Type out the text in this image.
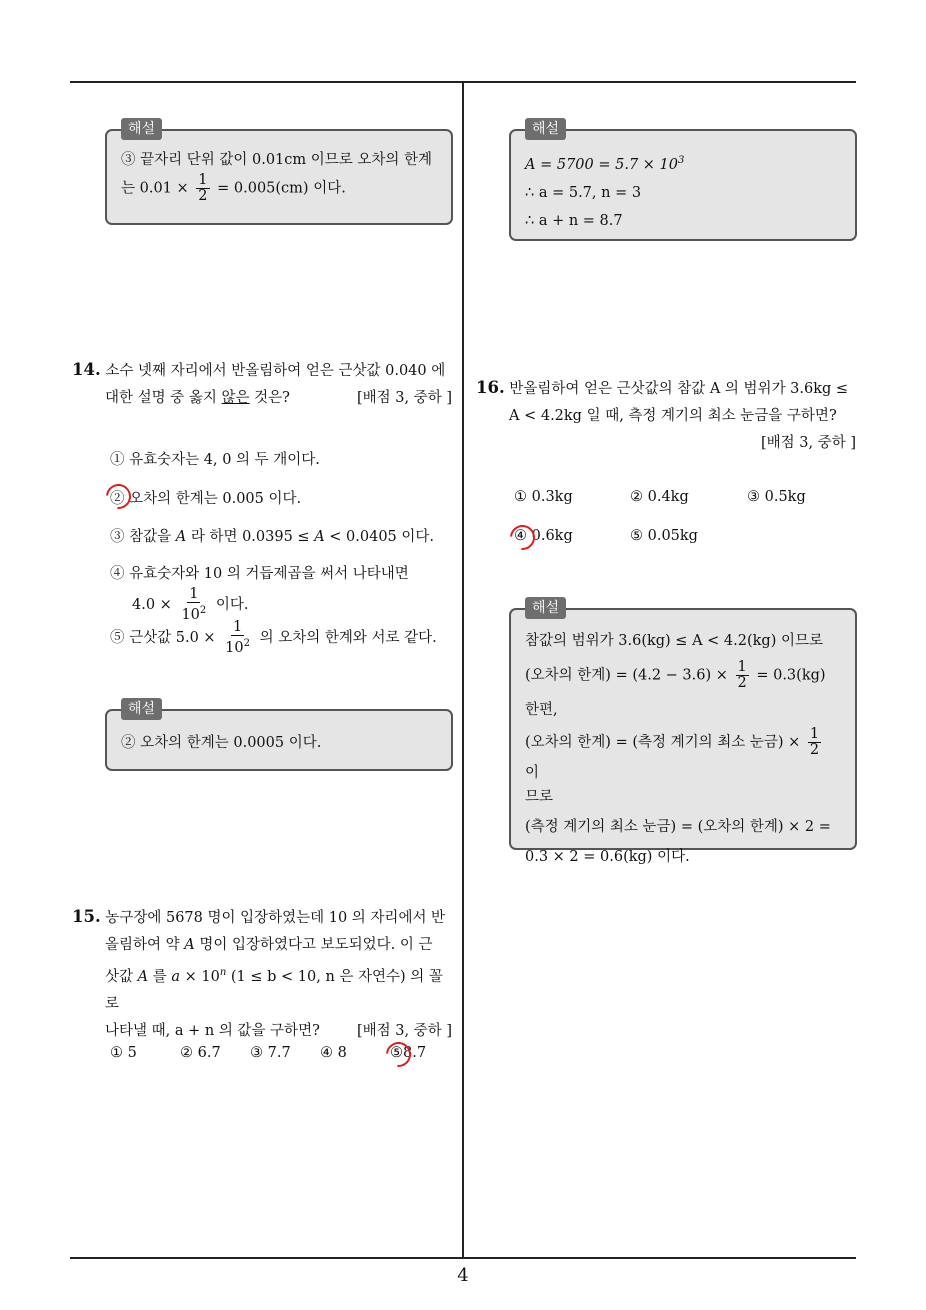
해설
③ 끝자리 단위 값이 0.01cm 이므로 오차의 한계
는 $0.01 \times \frac{1}{2} = 0.005(cm)$ 이다.
14. 소수 넷째 자리에서 반올림하여 얻은 근삿값 0.040 에
대한 설명 중 옳지 않은 것은?	[배점 3, 중하 ]
① 유효숫자는 4, 0 의 두 개이다.
② 오차의 한계는 0.005 이다.
③ 참값을 A 라 하면 0.0395 ≤ A < 0.0405 이다.
④ 유효숫자와 10 의 거듭제곱을 써서 나타내면
$4.0 \times \frac{1}{10^2}$ 이다.
⑤ 근삿값 $5.0 \times \frac{1}{10^2}$ 의 오차의 한계와 서로 같다.
해설
② 오차의 한계는 0.0005 이다.
15. 농구장에 5678 명이 입장하였는데 10 의 자리에서 반
올림하여 약 A 명이 입장하였다고 보도되었다. 이 근
삿값 A 를 $a \times 10^n$ (1 ≤ b < 10, n 은 자연수) 의 꼴로
나타낼 때, a + n 의 값을 구하면?	[배점 3, 중하 ]
① 5	② 6.7 ③ 7.7 ④ 8	⑤8.7
해설
$A = 5700 = 5.7 \times 10^3$
∴ a = 5.7, n = 3
∴ a + n = 8.7
16. 반올림하여 얻은 근삿값의 참값 A 의 범위가 3.6kg ≤
A < 4.2kg 일 때, 측정 계기의 최소 눈금을 구하면?
[배점 3, 중하 ]
① 0.3kg	② 0.4kg	③ 0.5kg
④ 0.6kg	⑤ 0.05kg
해설
참값의 범위가 3.6(kg) ≤ A < 4.2(kg) 이므로
(오차의 한계) = $(4.2 - 3.6) \times \frac{1}{2} = 0.3(kg)$
한편,
(오차의 한계) = (측정 계기의 최소 눈금) × $\frac{1}{2}$
이
므로
(측정 계기의 최소 눈금) = (오차의 한계) × 2 =
0.3 × 2 = 0.6(kg) 이다.
4
